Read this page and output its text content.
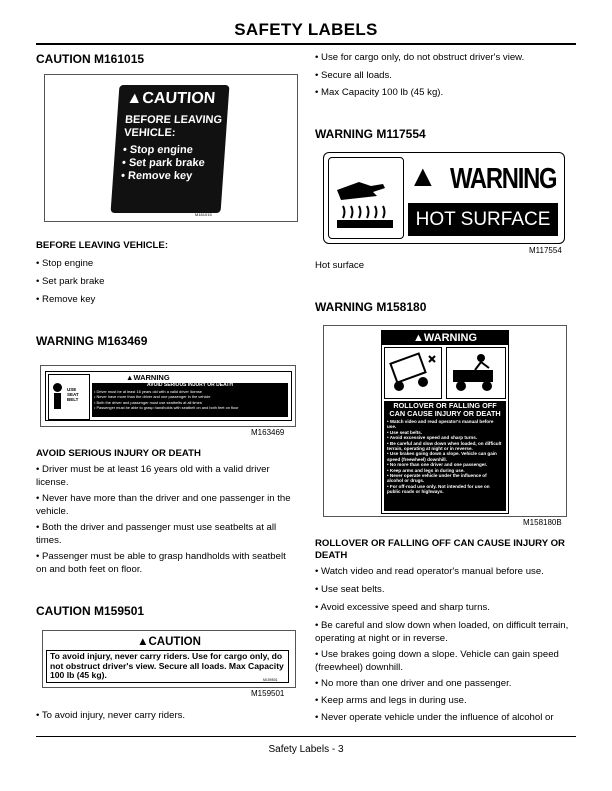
SAFETY LABELS
CAUTION M161015
▲CAUTION
BEFORE LEAVING
VEHICLE:
• Stop engine
• Set park brake
• Remove key
M161015
BEFORE LEAVING VEHICLE:
• Stop engine
• Set park brake
• Remove key
WARNING M163469
USE
SEAT
BELT
▲WARNING
AVOID SERIOUS INJURY OR DEATH
• Driver must be at least 16 years old with a valid driver license
• Never have more than the driver and one passenger in the vehicle
• Both the driver and passenger must use seatbelts at all times
• Passenger must be able to grasp handholds with seatbelt on and both feet on floor
M163469
AVOID SERIOUS INJURY OR DEATH
• Driver must be at least 16 years old with a valid driver license.
• Never have more than the driver and one passenger in the vehicle.
• Both the driver and passenger must use seatbelts at all times.
• Passenger must be able to grasp handholds with seatbelt on and both feet on floor.
CAUTION M159501
▲CAUTION
To avoid injury, never carry riders. Use for cargo only, do not obstruct driver's view. Secure all loads. Max Capacity 100 lb (45 kg).	M159501
M159501
• To avoid injury, never carry riders.
• Use for cargo only, do not obstruct driver's view.
• Secure all loads.
• Max Capacity 100 lb (45 kg).
WARNING M117554
▲ WARNING
HOT SURFACE
M117554
Hot surface
WARNING M158180
▲WARNING
ROLLOVER OR FALLING OFF CAN CAUSE INJURY OR DEATH
• Watch video and read operator's manual before use.
• Use seat belts.
• Avoid excessive speed and sharp turns.
• Be careful and slow down when loaded, on difficult terrain, operating at night or in reverse.
• Use brakes going down a slope. Vehicle can gain speed (freewheel) downhill.
• No more than one driver and one passenger.
• Keep arms and legs in during use.
• Never operate vehicle under the influence of alcohol or drugs.
• For off-road use only. Not intended for use on public roads or highways.
M158180B
ROLLOVER OR FALLING OFF CAN CAUSE INJURY OR DEATH
• Watch video and read operator's manual before use.
• Use seat belts.
• Avoid excessive speed and sharp turns.
• Be careful and slow down when loaded, on difficult terrain, operating at night or in reverse.
• Use brakes going down a slope. Vehicle can gain speed (freewheel) downhill.
• No more than one driver and one passenger.
• Keep arms and legs in during use.
• Never operate vehicle under the influence of alcohol or
Safety Labels - 3
